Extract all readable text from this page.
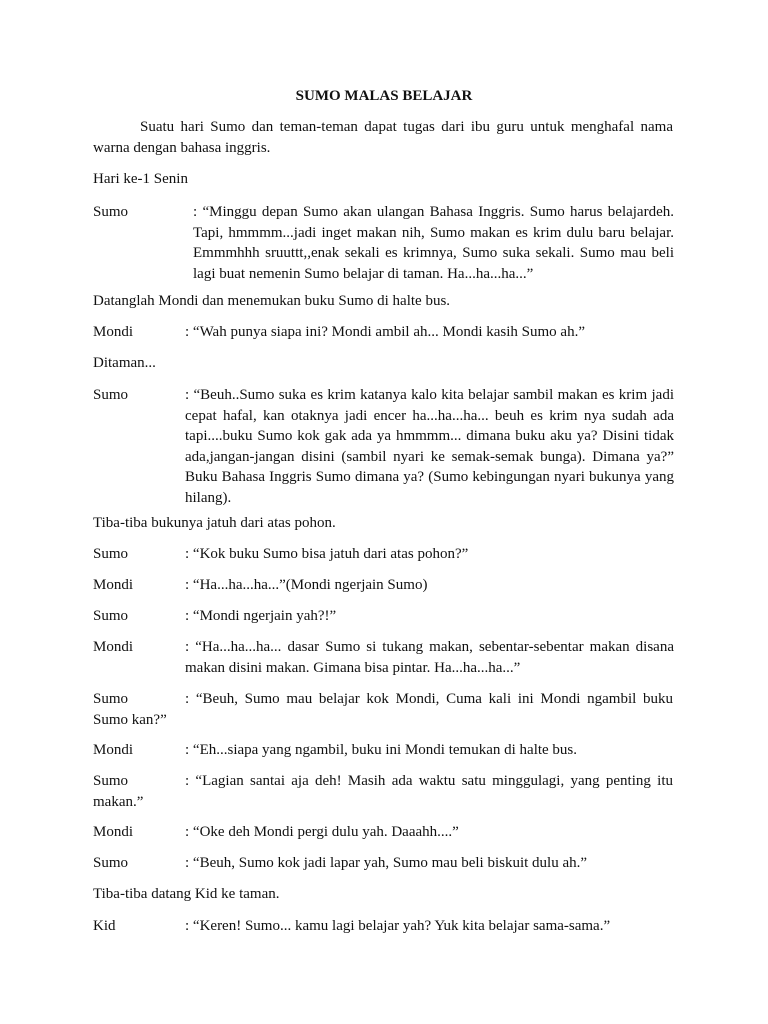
SUMO MALAS BELAJAR
Suatu hari Sumo dan teman-teman dapat tugas dari ibu guru untuk menghafal nama warna dengan bahasa inggris.
Hari ke-1 Senin
Sumo	: “Minggu depan Sumo akan ulangan Bahasa Inggris. Sumo harus belajardeh. Tapi, hmmmm...jadi inget makan nih, Sumo makan es krim dulu baru belajar. Emmmhhh sruuttt,,enak sekali es krimnya, Sumo suka sekali. Sumo mau beli lagi buat nemenin Sumo belajar di taman. Ha...ha...ha...”
Datanglah Mondi dan menemukan buku Sumo di halte bus.
Mondi	: “Wah punya siapa ini? Mondi ambil ah... Mondi kasih Sumo ah.”
Ditaman...
Sumo	: “Beuh..Sumo suka es krim katanya kalo kita belajar sambil makan es krim jadi cepat hafal, kan otaknya jadi encer ha...ha...ha... beuh es krim nya sudah ada tapi....buku Sumo kok gak ada ya hmmmm... dimana buku aku ya? Disini tidak ada,jangan-jangan disini (sambil nyari ke semak-semak bunga). Dimana ya?” Buku Bahasa Inggris Sumo dimana ya? (Sumo kebingungan nyari bukunya yang hilang).
Tiba-tiba bukunya jatuh dari atas pohon.
Sumo	: “Kok buku Sumo bisa jatuh dari atas pohon?”
Mondi	: “Ha...ha...ha...”(Mondi ngerjain Sumo)
Sumo	: “Mondi ngerjain yah?!”
Mondi	: “Ha...ha...ha... dasar Sumo si tukang makan, sebentar-sebentar makan disana makan disini makan. Gimana bisa pintar. Ha...ha...ha...”
Sumo	: “Beuh, Sumo mau belajar kok Mondi, Cuma kali ini Mondi ngambil buku Sumo kan?”
Mondi	: “Eh...siapa yang ngambil, buku ini Mondi temukan di halte bus.
Sumo	: “Lagian santai aja deh! Masih ada waktu satu minggulagi, yang penting itu makan.”
Mondi	: “Oke deh Mondi pergi dulu yah. Daaahh....”
Sumo	: “Beuh, Sumo kok jadi lapar yah, Sumo mau beli biskuit dulu ah.”
Tiba-tiba datang Kid ke taman.
Kid	: “Keren! Sumo... kamu lagi belajar yah? Yuk kita belajar sama-sama.”
